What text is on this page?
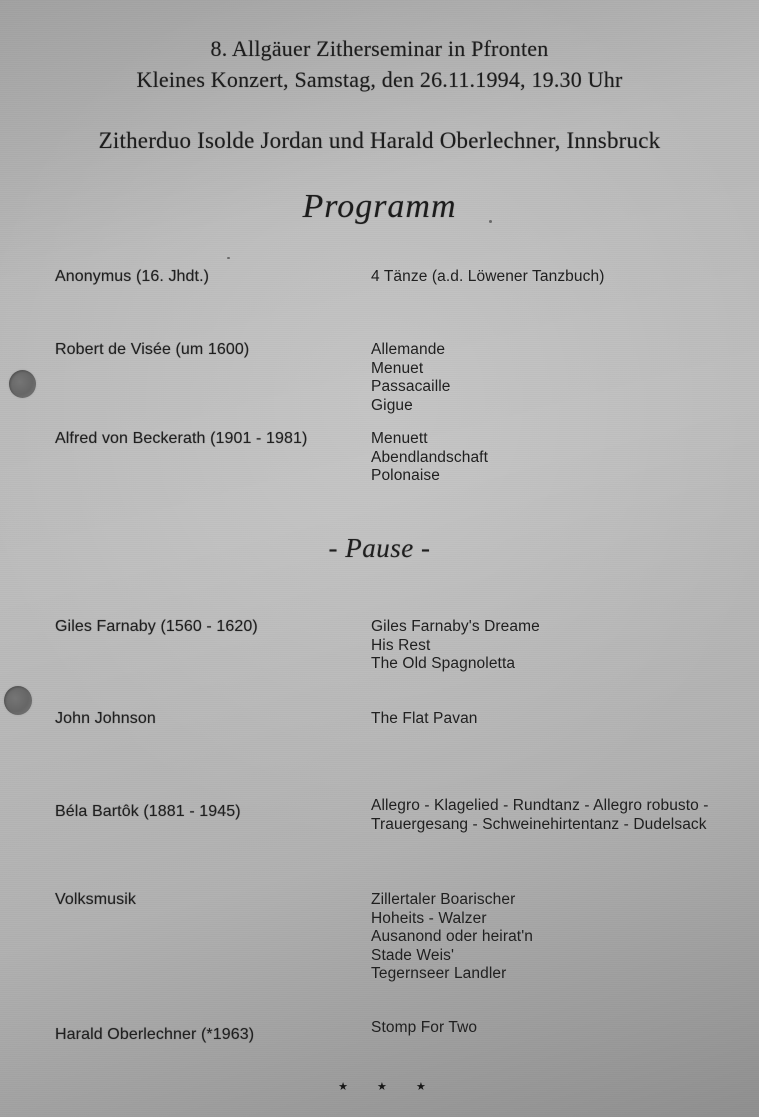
8. Allgäuer Zitherseminar in Pfronten
Kleines Konzert, Samstag, den 26.11.1994, 19.30 Uhr
Zitherduo Isolde Jordan und Harald Oberlechner, Innsbruck
Programm
Anonymus (16. Jhdt.)	4 Tänze (a.d. Löwener Tanzbuch)
Robert de Visée (um 1600)	Allemande
Menuet
Passacaille
Gigue
Alfred von Beckerath (1901 - 1981)	Menuett
Abendlandschaft
Polonaise
- Pause -
Giles Farnaby (1560 - 1620)	Giles Farnaby's Dreame
His Rest
The Old Spagnoletta
John Johnson	The Flat Pavan
Béla Bartôk (1881 - 1945)	Allegro - Klagelied - Rundtanz - Allegro robusto -
Trauergesang - Schweinehirtentanz - Dudelsack
Volksmusik	Zillertaler Boarischer
Hoheits - Walzer
Ausanond oder heirat'n
Stade Weis'
Tegernseer Landler
Harald Oberlechner (*1963)	Stomp For Two
★ ★ ★
